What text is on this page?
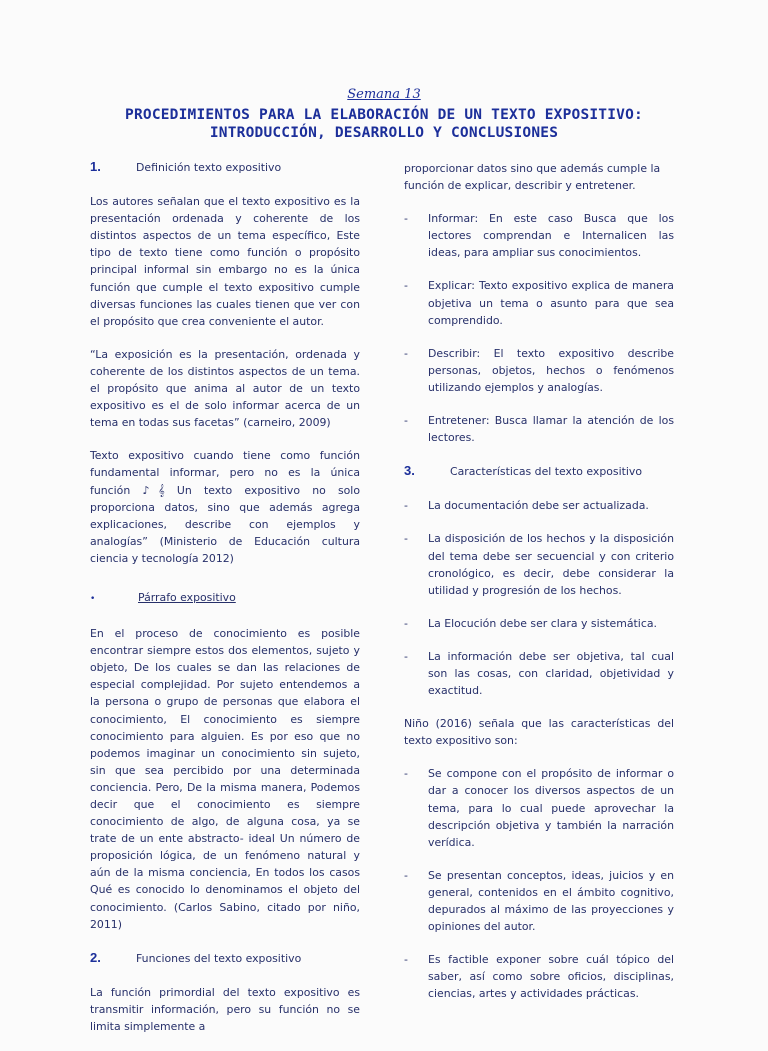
Semana 13
PROCEDIMIENTOS PARA LA ELABORACIÓN DE UN TEXTO EXPOSITIVO:
INTRODUCCIÓN, DESARROLLO Y CONCLUSIONES
1.	Definición texto expositivo

Los autores señalan que el texto expositivo es la presentación ordenada y coherente de los distintos aspectos de un tema específico, Este tipo de texto tiene como función o propósito principal informal sin embargo no es la única función que cumple el texto expositivo cumple diversas funciones las cuales tienen que ver con el propósito que crea conveniente el autor.

“La exposición es la presentación, ordenada y coherente de los distintos aspectos de un tema. el propósito que anima al autor de un texto expositivo es el de solo informar acerca de un tema en todas sus facetas” (carneiro, 2009)

Texto expositivo cuando tiene como función fundamental informar, pero no es la única función ♪𝄞 Un texto expositivo no solo proporciona datos, sino que además agrega explicaciones, describe con ejemplos y analogías” (Ministerio de Educación cultura ciencia y tecnología 2012)

•	Párrafo expositivo

En el proceso de conocimiento es posible encontrar siempre estos dos elementos, sujeto y objeto, De los cuales se dan las relaciones de especial complejidad. Por sujeto entendemos a la persona o grupo de personas que elabora el conocimiento, El conocimiento es siempre conocimiento para alguien. Es por eso que no podemos imaginar un conocimiento sin sujeto, sin que sea percibido por una determinada conciencia. Pero, De la misma manera, Podemos decir que el conocimiento es siempre conocimiento de algo, de alguna cosa, ya se trate de un ente abstracto- ideal Un número de proposición lógica, de un fenómeno natural y aún de la misma conciencia, En todos los casos Qué es conocido lo denominamos el objeto del conocimiento. (Carlos Sabino, citado por niño, 2011)

2.	Funciones del texto expositivo

La función primordial del texto expositivo es transmitir información, pero su función no se limita simplemente a

proporcionar datos sino que además cumple la función de explicar, describir y entretener.

-	Informar: En este caso Busca que los lectores comprendan e Internalicen las ideas, para ampliar sus conocimientos.
-	Explicar: Texto expositivo explica de manera objetiva un tema o asunto para que sea comprendido.
-	Describir: El texto expositivo describe personas, objetos, hechos o fenómenos utilizando ejemplos y analogías.
-	Entretener: Busca llamar la atención de los lectores.
3.	Características del texto expositivo
-	La documentación debe ser actualizada.
-	La disposición de los hechos y la disposición del tema debe ser secuencial y con criterio cronológico, es decir, debe considerar la utilidad y progresión de los hechos.
-	La Elocución debe ser clara y sistemática.
-	La información debe ser objetiva, tal cual son las cosas, con claridad, objetividad y exactitud.

Niño (2016) señala que las características del texto expositivo son:

-	Se compone con el propósito de informar o dar a conocer los diversos aspectos de un tema, para lo cual puede aprovechar la descripción objetiva y también la narración verídica.
-	Se presentan conceptos, ideas, juicios y en general, contenidos en el ámbito cognitivo, depurados al máximo de las proyecciones y opiniones del autor.
-	Es factible exponer sobre cuál tópico del saber, así como sobre oficios, disciplinas, ciencias, artes y actividades prácticas.
